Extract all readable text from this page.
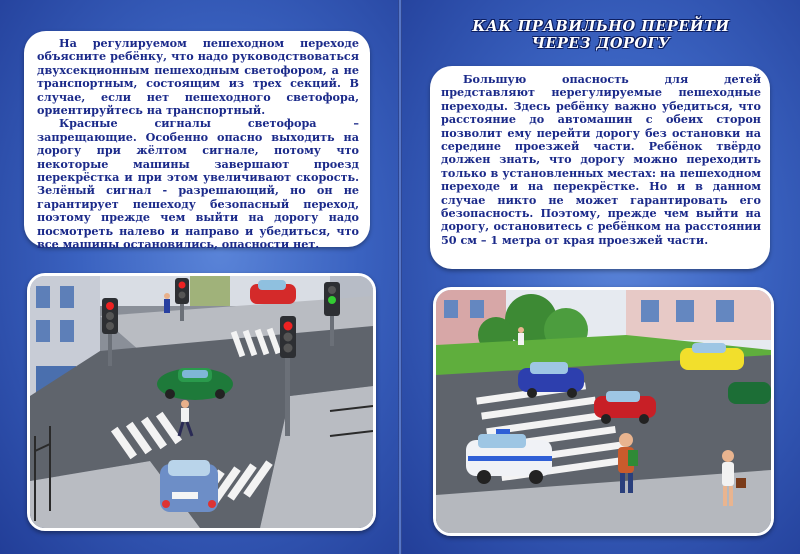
На регулируемом пешеходном переходе объясните ребёнку, что надо руководствоваться двухсекционным пешеходным светофором, а не транспортным, состоящим из трех секций. В случае, если нет пешеходного светофора, ориентируйтесь на транспортный.

Красные сигналы светофора – запрещающие. Особенно опасно выходить на дорогу при жёлтом сигнале, потому что некоторые машины завершают проезд перекрёстка и при этом увеличивают скорость. Зелёный сигнал - разрешающий, но он не гарантирует пешеходу безопасный переход, поэтому прежде чем выйти на дорогу надо посмотреть налево и направо и убедиться, что все машины остановились, опасности нет.

КАК ПРАВИЛЬНО ПЕРЕЙТИ
ЧЕРЕЗ ДОРОГУ

Большую опасность для детей представляют нерегулируемые пешеходные переходы. Здесь ребёнку важно убедиться, что расстояние до автомашин с обеих сторон позволит ему перейти дорогу без остановки на середине проезжей части. Ребёнок твёрдо должен знать, что дорогу можно переходить только в установленных местах: на пешеходном переходе и на перекрёстке. Но и в данном случае никто не может гарантировать его безопасность. Поэтому, прежде чем выйти на дорогу, остановитесь с ребёнком на расстоянии 50 см – 1 метра от края проезжей части.
